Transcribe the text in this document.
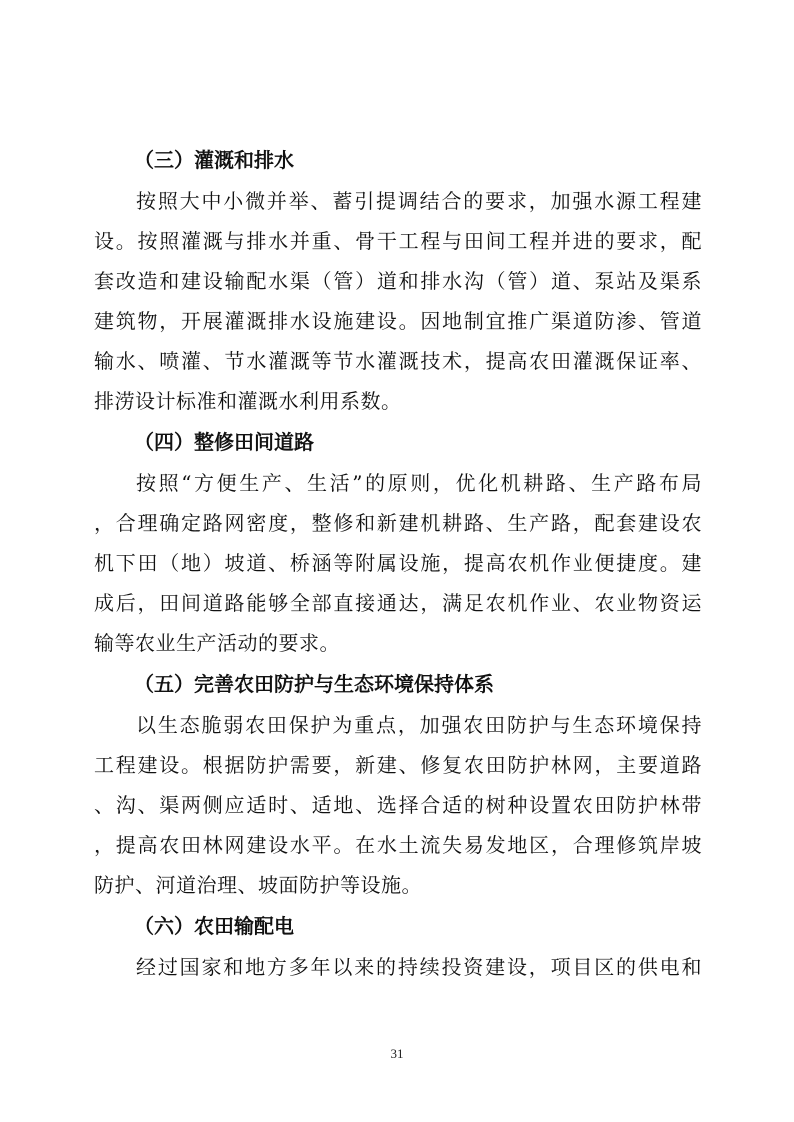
（三）灌溉和排水
按照大中小微并举、蓄引提调结合的要求，加强水源工程建
设。按照灌溉与排水并重、骨干工程与田间工程并进的要求，配
套改造和建设输配水渠（管）道和排水沟（管）道、泵站及渠系
建筑物，开展灌溉排水设施建设。因地制宜推广渠道防渗、管道
输水、喷灌、节水灌溉等节水灌溉技术，提高农田灌溉保证率、
排涝设计标准和灌溉水利用系数。
（四）整修田间道路
按照“方便生产、生活”的原则，优化机耕路、生产路布局
，合理确定路网密度，整修和新建机耕路、生产路，配套建设农
机下田（地）坡道、桥涵等附属设施，提高农机作业便捷度。建
成后，田间道路能够全部直接通达，满足农机作业、农业物资运
输等农业生产活动的要求。
（五）完善农田防护与生态环境保持体系
以生态脆弱农田保护为重点，加强农田防护与生态环境保持
工程建设。根据防护需要，新建、修复农田防护林网，主要道路
、沟、渠两侧应适时、适地、选择合适的树种设置农田防护林带
，提高农田林网建设水平。在水土流失易发地区，合理修筑岸坡
防护、河道治理、坡面防护等设施。
（六）农田输配电
经过国家和地方多年以来的持续投资建设，项目区的供电和
31
